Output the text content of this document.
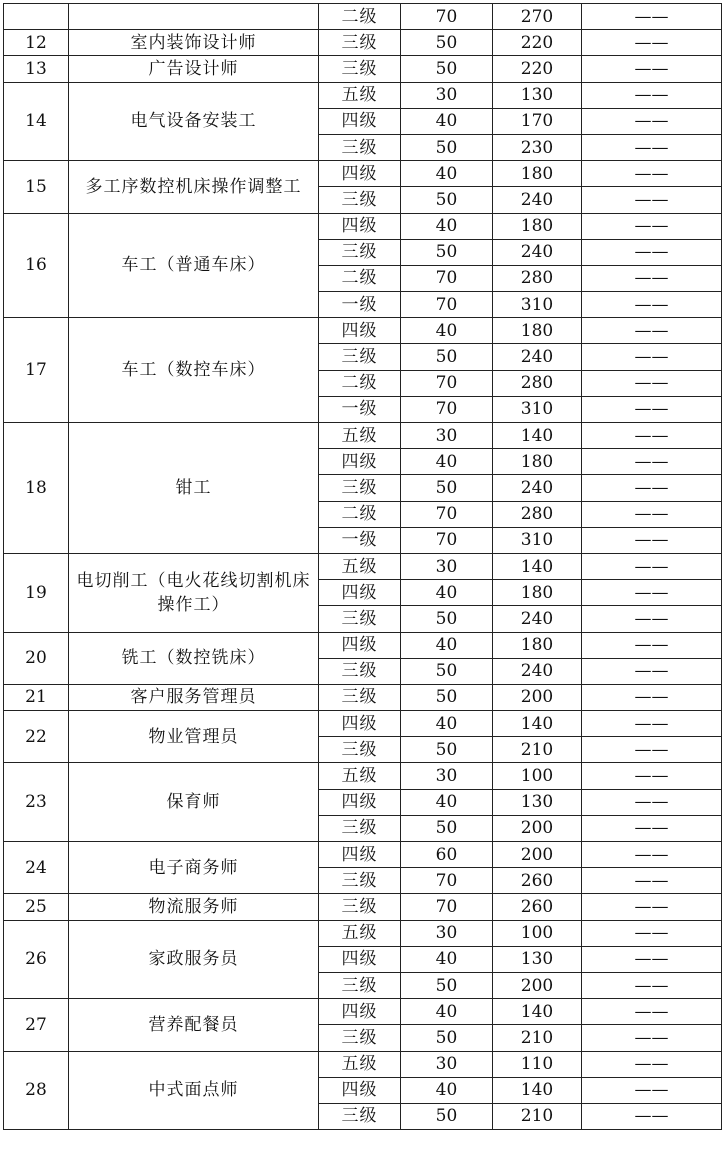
		二级	70	270	——
12	室内装饰设计师	三级	50	220	——
13	广告设计师	三级	50	220	——
14	电气设备安装工	五级	30	130	——
		四级	40	170	——
		三级	50	230	——
15	多工序数控机床操作调整工	四级	40	180	——
		三级	50	240	——
16	车工（普通车床）	四级	40	180	——
		三级	50	240	——
		二级	70	280	——
		一级	70	310	——
17	车工（数控车床）	四级	40	180	——
		三级	50	240	——
		二级	70	280	——
		一级	70	310	——
18	钳工	五级	30	140	——
		四级	40	180	——
		三级	50	240	——
		二级	70	280	——
		一级	70	310	——
19	电切削工（电火花线切割机床操作工）	五级	30	140	——
		四级	40	180	——
		三级	50	240	——
20	铣工（数控铣床）	四级	40	180	——
		三级	50	240	——
21	客户服务管理员	三级	50	200	——
22	物业管理员	四级	40	140	——
		三级	50	210	——
23	保育师	五级	30	100	——
		四级	40	130	——
		三级	50	200	——
24	电子商务师	四级	60	200	——
		三级	70	260	——
25	物流服务师	三级	70	260	——
26	家政服务员	五级	30	100	——
		四级	40	130	——
		三级	50	200	——
27	营养配餐员	四级	40	140	——
		三级	50	210	——
28	中式面点师	五级	30	110	——
		四级	40	140	——
		三级	50	210	——
